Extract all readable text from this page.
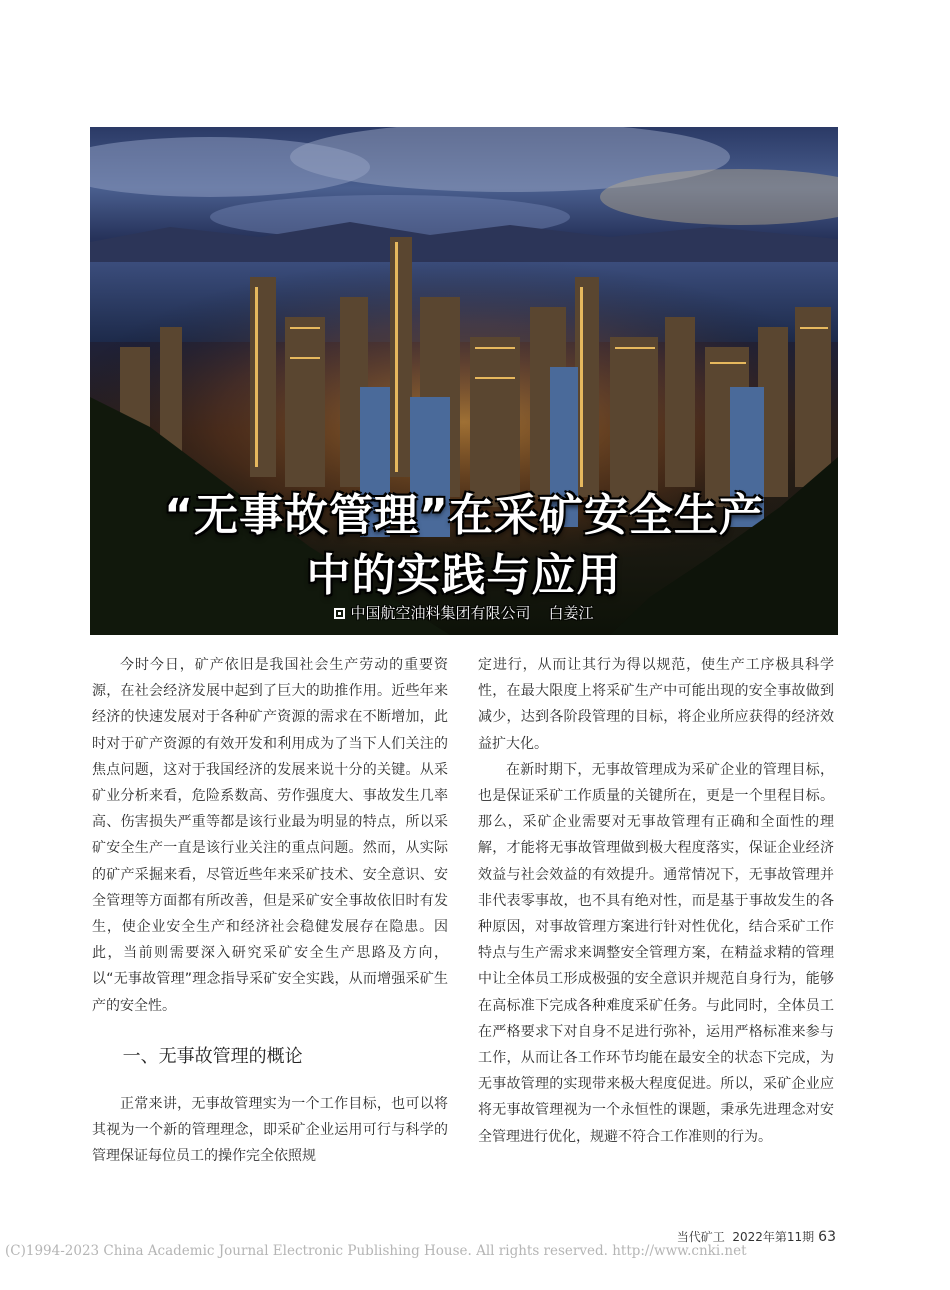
“无事故管理”在采矿安全生产
中的实践与应用
中国航空油料集团有限公司 白姜江

今时今日，矿产依旧是我国社会生产劳动的重要资源，在社会经济发展中起到了巨大的助推作用。近些年来经济的快速发展对于各种矿产资源的需求在不断增加，此时对于矿产资源的有效开发和利用成为了当下人们关注的焦点问题，这对于我国经济的发展来说十分的关键。从采矿业分析来看，危险系数高、劳作强度大、事故发生几率高、伤害损失严重等都是该行业最为明显的特点，所以采矿安全生产一直是该行业关注的重点问题。然而，从实际的矿产采掘来看，尽管近些年来采矿技术、安全意识、安全管理等方面都有所改善，但是采矿安全事故依旧时有发生，使企业安全生产和经济社会稳健发展存在隐患。因此，当前则需要深入研究采矿安全生产思路及方向，以“无事故管理”理念指导采矿安全实践，从而增强采矿生产的安全性。

一、无事故管理的概论

正常来讲，无事故管理实为一个工作目标，也可以将其视为一个新的管理理念，即采矿企业运用可行与科学的管理保证每位员工的操作完全依照规

定进行，从而让其行为得以规范，使生产工序极具科学性，在最大限度上将采矿生产中可能出现的安全事故做到减少，达到各阶段管理的目标，将企业所应获得的经济效益扩大化。

在新时期下，无事故管理成为采矿企业的管理目标，也是保证采矿工作质量的关键所在，更是一个里程目标。那么，采矿企业需要对无事故管理有正确和全面性的理解，才能将无事故管理做到极大程度落实，保证企业经济效益与社会效益的有效提升。通常情况下，无事故管理并非代表零事故，也不具有绝对性，而是基于事故发生的各种原因，对事故管理方案进行针对性优化，结合采矿工作特点与生产需求来调整安全管理方案，在精益求精的管理中让全体员工形成极强的安全意识并规范自身行为，能够在高标准下完成各种难度采矿任务。与此同时，全体员工在严格要求下对自身不足进行弥补，运用严格标准来参与工作，从而让各工作环节均能在最安全的状态下完成，为无事故管理的实现带来极大程度促进。所以，采矿企业应将无事故管理视为一个永恒性的课题，秉承先进理念对安全管理进行优化，规避不符合工作准则的行为。

当代矿工 2022年第11期 63
(C)1994-2023 China Academic Journal Electronic Publishing House. All rights reserved. http://www.cnki.net
